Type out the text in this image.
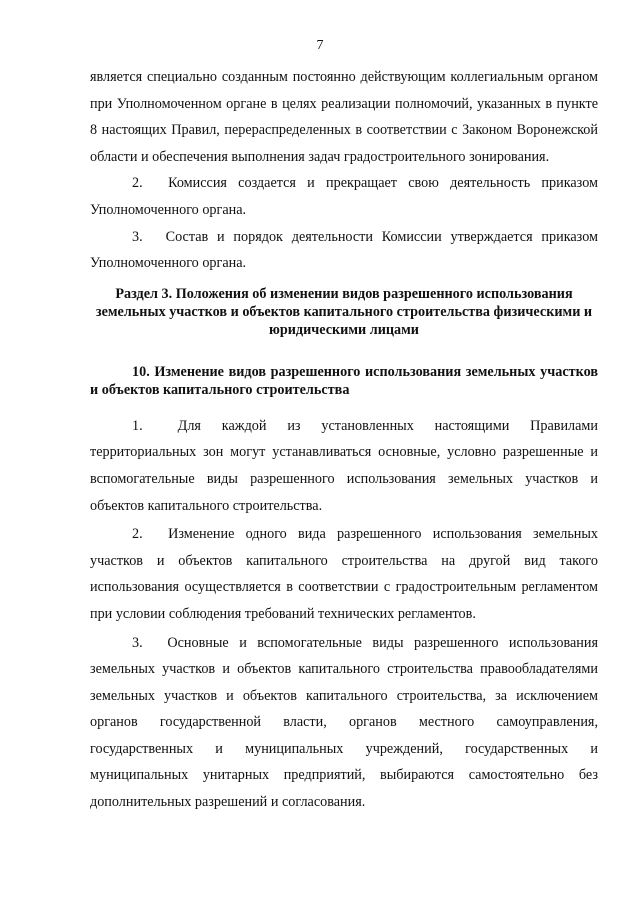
7

является специально созданным постоянно действующим коллегиальным органом при Уполномоченном органе в целях реализации полномочий, указанных в пункте 8 настоящих Правил, перераспределенных в соответствии с Законом Воронежской области и обеспечения выполнения задач градостроительного зонирования.

2.  Комиссия создается и прекращает свою деятельность приказом Уполномоченного органа.

3.  Состав и порядок деятельности Комиссии утверждается приказом Уполномоченного органа.

Раздел 3. Положения об изменении видов разрешенного использования земельных участков и объектов капитального строительства физическими и юридическими лицами

10. Изменение видов разрешенного использования земельных участков и объектов капитального строительства

1.  Для каждой из установленных настоящими Правилами территориальных зон могут устанавливаться основные, условно разрешенные и вспомогательные виды разрешенного использования земельных участков и объектов капитального строительства.

2.  Изменение одного вида разрешенного использования земельных участков и объектов капитального строительства на другой вид такого использования осуществляется в соответствии с градостроительным регламентом при условии соблюдения требований технических регламентов.

3.  Основные и вспомогательные виды разрешенного использования земельных участков и объектов капитального строительства правообладателями земельных участков и объектов капитального строительства, за исключением органов государственной власти, органов местного самоуправления, государственных и муниципальных учреждений, государственных и муниципальных унитарных предприятий, выбираются самостоятельно без дополнительных разрешений и согласования.
